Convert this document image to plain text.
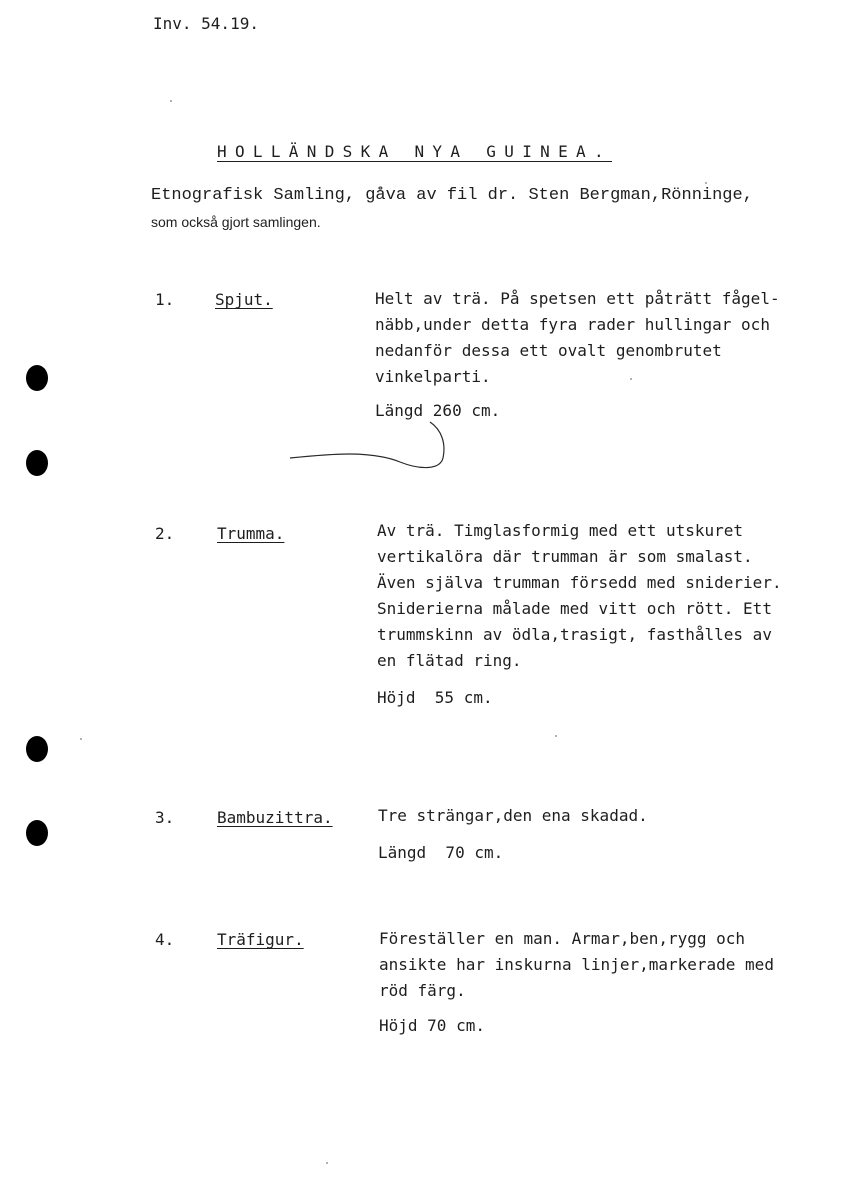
Inv. 54.19.
HOLLÄNDSKA NYA GUINEA.
Etnografisk Samling, gåva av fil dr. Sten Bergman,Rönninge,
som också gjort samlingen.
1.	Spjut.	Helt av trä. På spetsen ett påträtt fågel-
näbb,under detta fyra rader hullingar och
nedanför dessa ett ovalt genombrutet
vinkelparti.
Längd 260 cm.
2.	Trumma.	Av trä. Timglasformig med ett utskuret
vertikalöra där trumman är som smalast.
Även själva trumman försedd med sniderier.
Sniderierna målade med vitt och rött. Ett
trummskinn av ödla,trasigt, fasthålles av
en flätad ring.
Höjd  55 cm.
3.	Bambuzittra.	Tre strängar,den ena skadad.
Längd  70 cm.
4.	Träfigur.	Föreställer en man. Armar,ben,rygg och
ansikte har inskurna linjer,markerade med
röd färg.
Höjd 70 cm.
